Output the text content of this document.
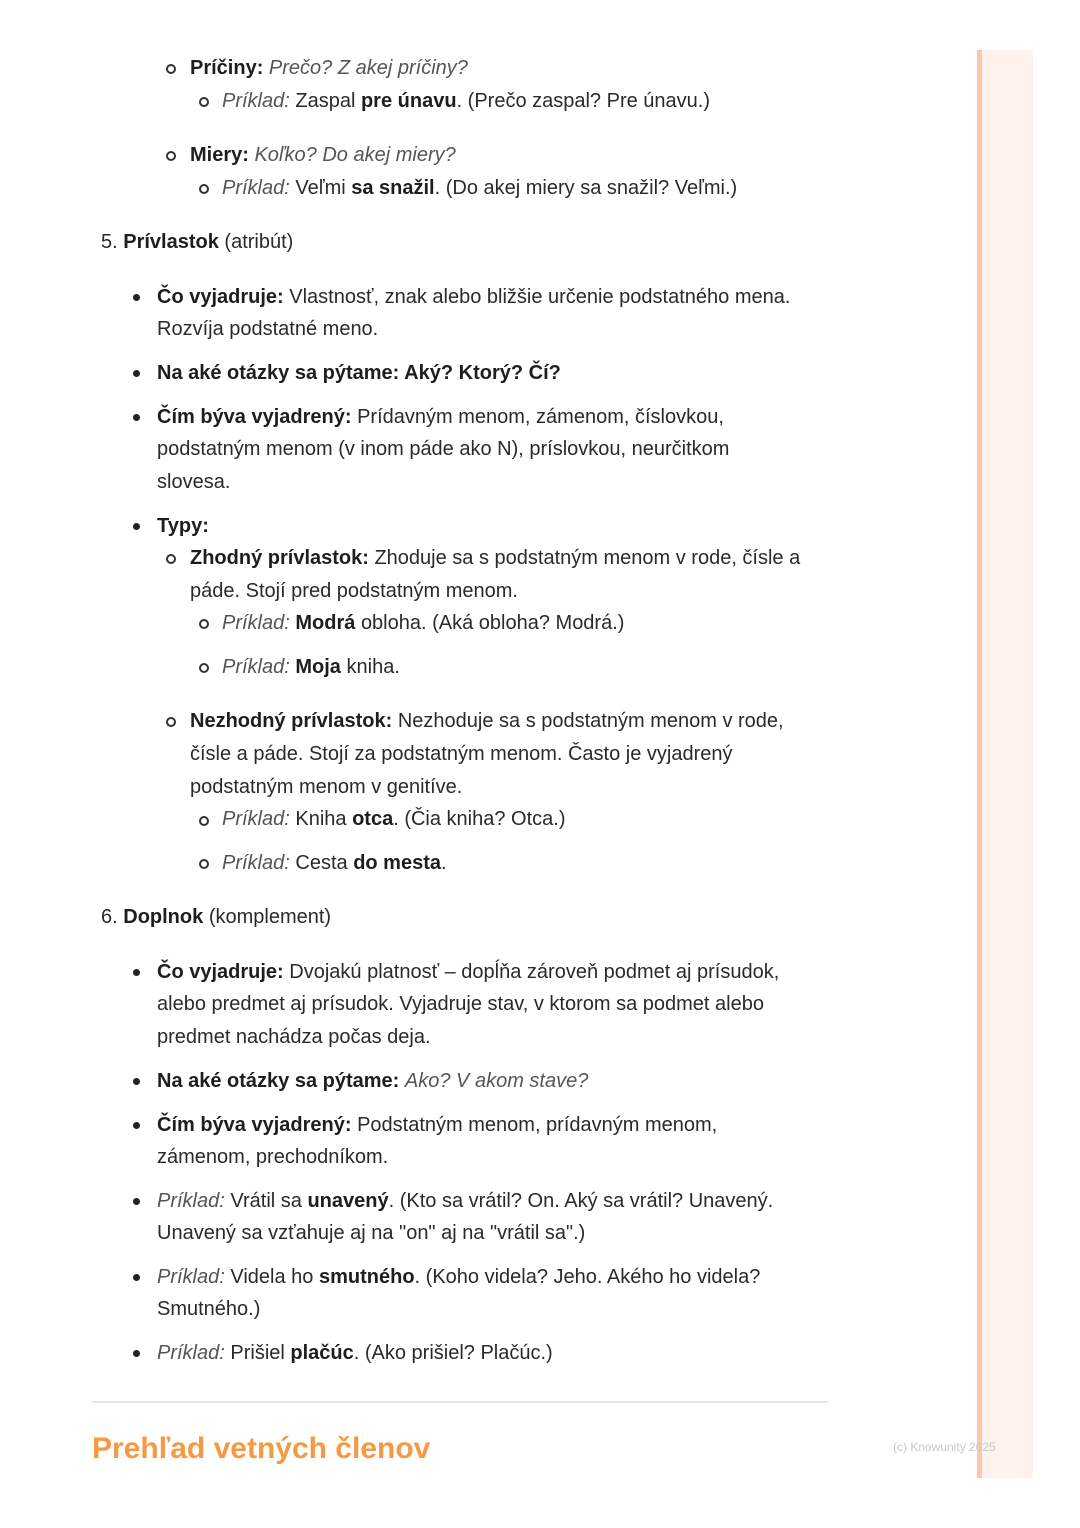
Príčiny: Prečo? Z akej príčiny?
Príklad: Zaspal pre únavu. (Prečo zaspal? Pre únavu.)
Miery: Koľko? Do akej miery?
Príklad: Veľmi sa snažil. (Do akej miery sa snažil? Veľmi.)
5. Prívlastok (atribút)
Čo vyjadruje: Vlastnosť, znak alebo bližšie určenie podstatného mena.
Rozvíja podstatné meno.
Na aké otázky sa pýtame: Aký? Ktorý? Čí?
Čím býva vyjadrený: Prídavným menom, zámenom, číslovkou,
podstatným menom (v inom páde ako N), príslovkou, neurčitkom
slovesa.
Typy:
Zhodný prívlastok: Zhoduje sa s podstatným menom v rode, čísle a
páde. Stojí pred podstatným menom.
Príklad: Modrá obloha. (Aká obloha? Modrá.)
Príklad: Moja kniha.
Nezhodný prívlastok: Nezhoduje sa s podstatným menom v rode,
čísle a páde. Stojí za podstatným menom. Často je vyjadrený
podstatným menom v genitíve.
Príklad: Kniha otca. (Čia kniha? Otca.)
Príklad: Cesta do mesta.
6. Doplnok (komplement)
Čo vyjadruje: Dvojakú platnosť – dopĺňa zároveň podmet aj prísudok,
alebo predmet aj prísudok. Vyjadruje stav, v ktorom sa podmet alebo
predmet nachádza počas deja.
Na aké otázky sa pýtame: Ako? V akom stave?
Čím býva vyjadrený: Podstatným menom, prídavným menom,
zámenom, prechodníkom.
Príklad: Vrátil sa unavený. (Kto sa vrátil? On. Aký sa vrátil? Unavený.
Unavený sa vzťahuje aj na "on" aj na "vrátil sa".)
Príklad: Videla ho smutného. (Koho videla? Jeho. Akého ho videla?
Smutného.)
Príklad: Prišiel plačúc. (Ako prišiel? Plačúc.)
Prehľad vetných členov	(c) Knowunity 2025
